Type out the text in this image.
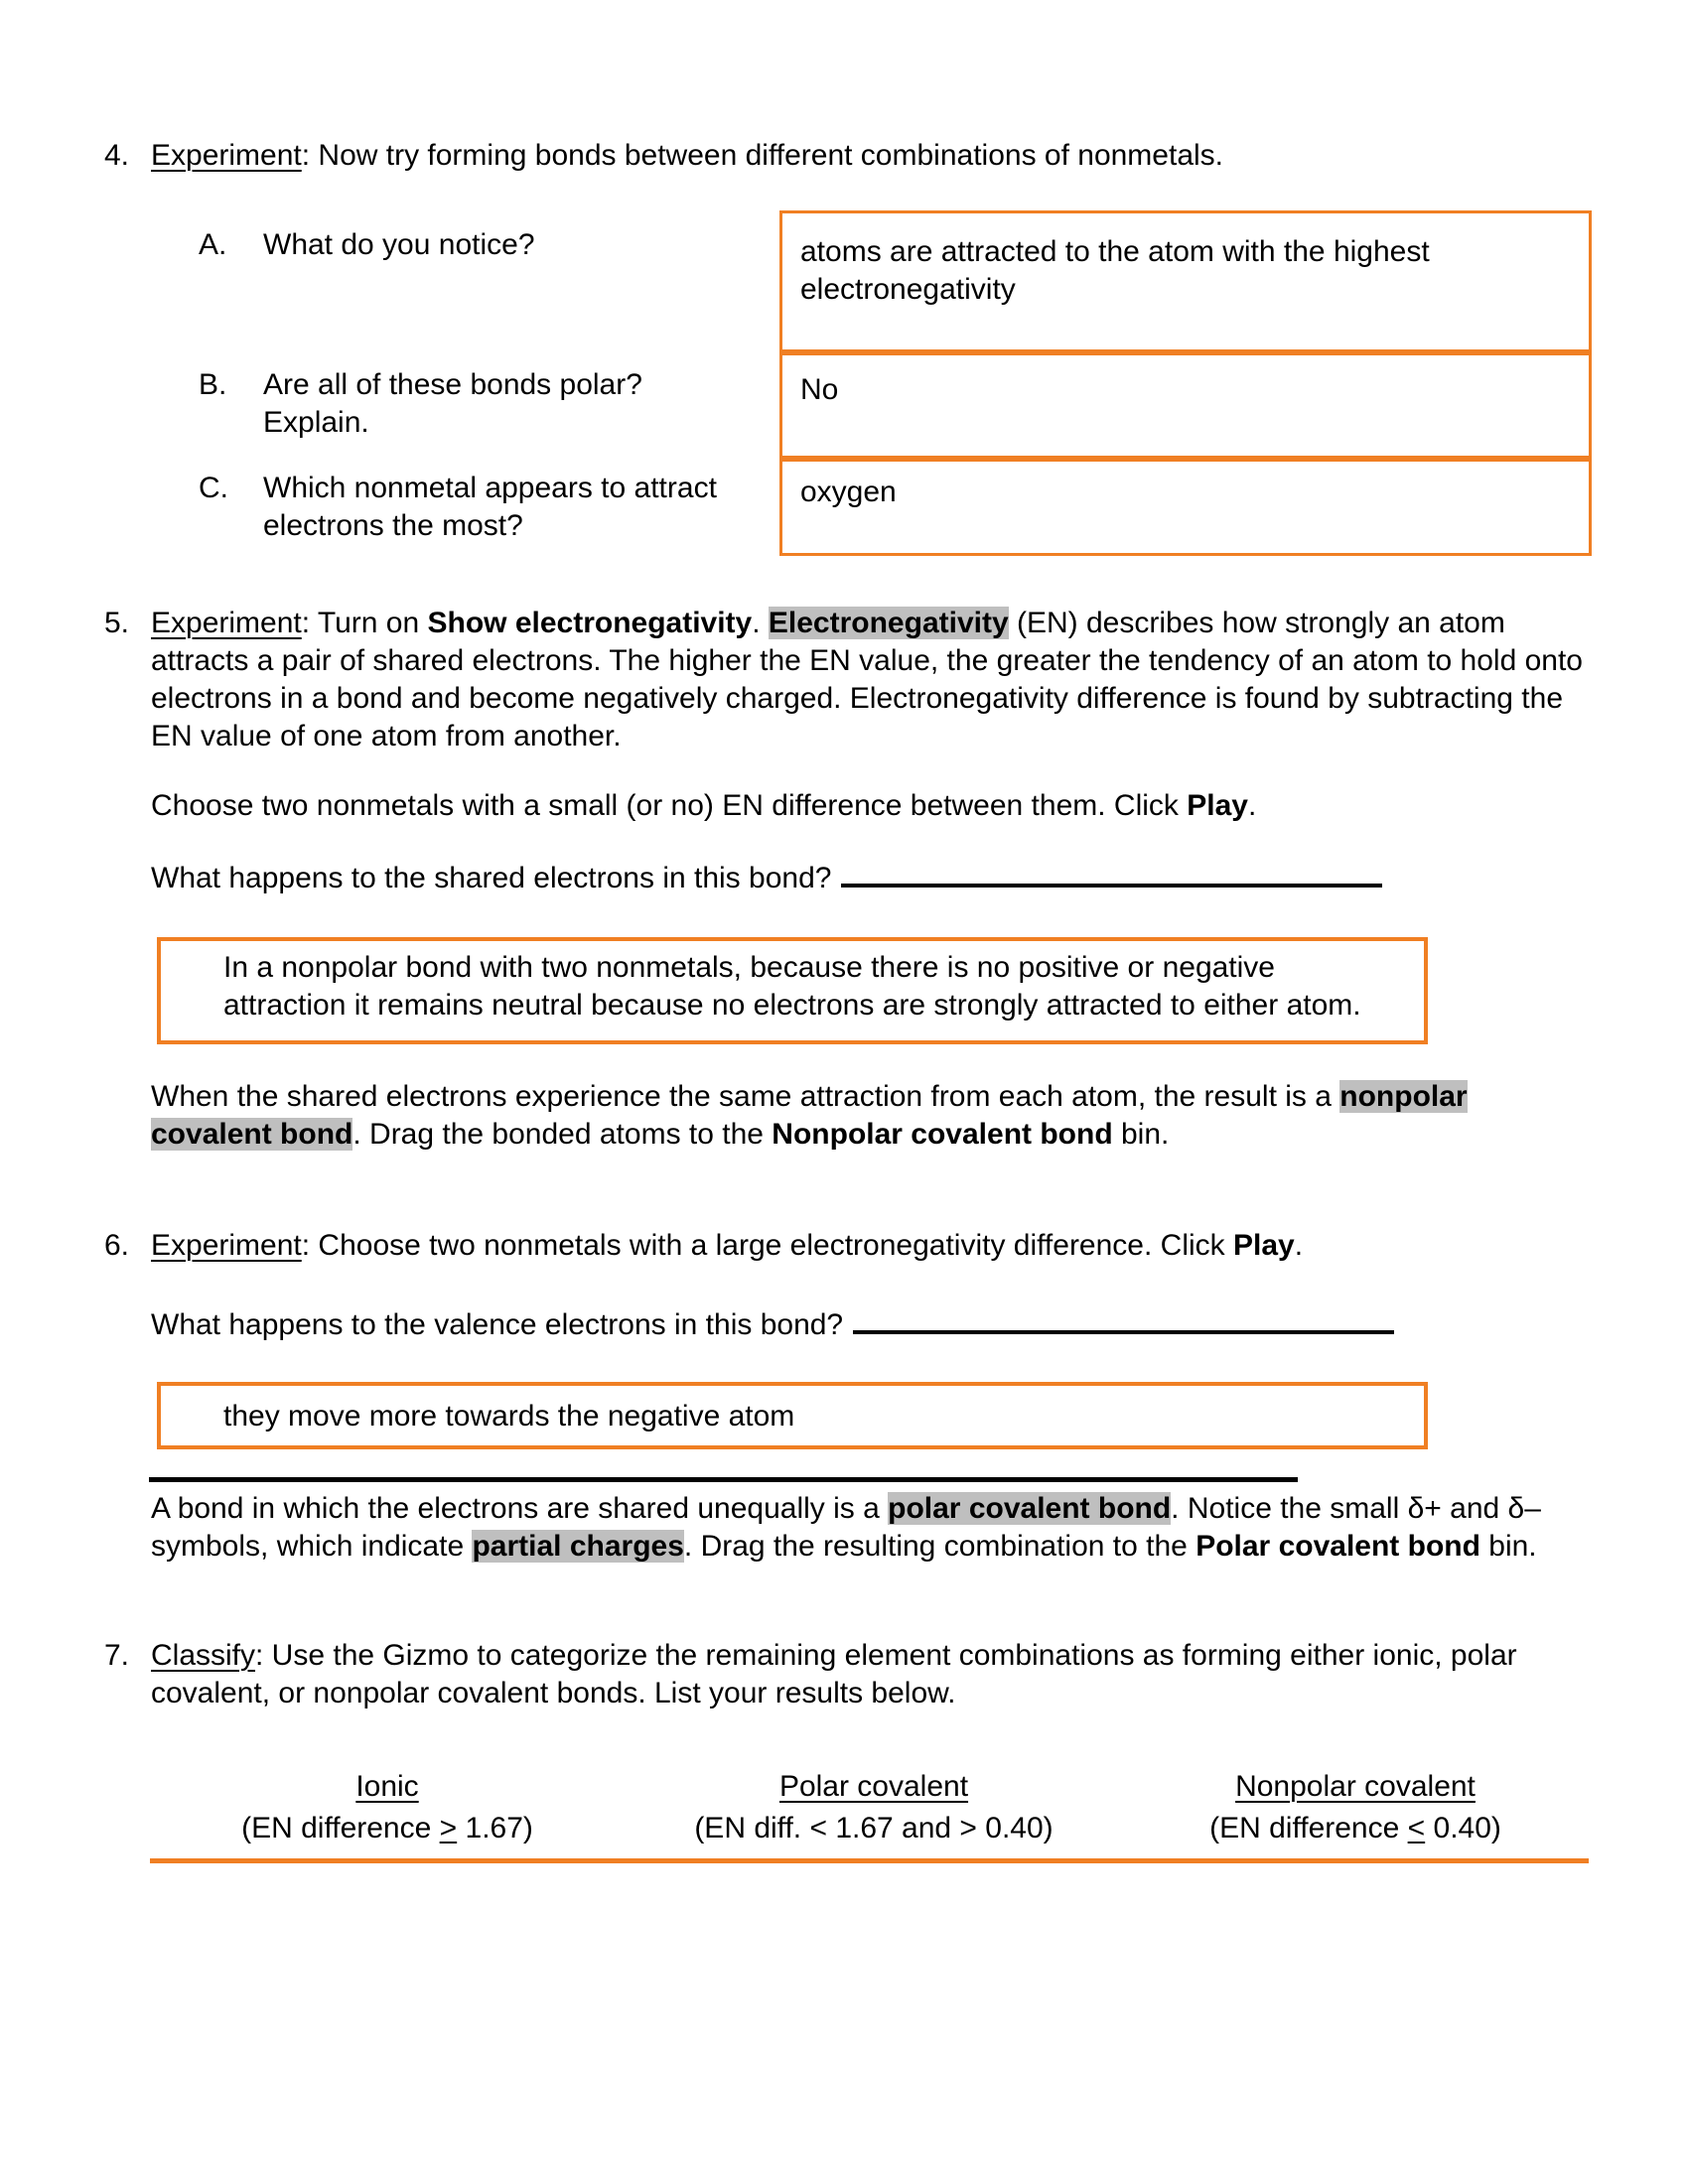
4. Experiment: Now try forming bonds between different combinations of nonmetals.
A. What do you notice?
B. Are all of these bonds polar? Explain.
C. Which nonmetal appears to attract electrons the most?
atoms are attracted to the atom with the highest electronegativity
No
oxygen
5. Experiment: Turn on Show electronegativity. Electronegativity (EN) describes how strongly an atom attracts a pair of shared electrons. The higher the EN value, the greater the tendency of an atom to hold onto electrons in a bond and become negatively charged. Electronegativity difference is found by subtracting the EN value of one atom from another.
Choose two nonmetals with a small (or no) EN difference between them. Click Play.
What happens to the shared electrons in this bond?
In a nonpolar bond with two nonmetals, because there is no positive or negative attraction it remains neutral because no electrons are strongly attracted to either atom.
When the shared electrons experience the same attraction from each atom, the result is a nonpolar covalent bond. Drag the bonded atoms to the Nonpolar covalent bond bin.
6. Experiment: Choose two nonmetals with a large electronegativity difference. Click Play.
What happens to the valence electrons in this bond?
they move more towards the negative atom
A bond in which the electrons are shared unequally is a polar covalent bond. Notice the small δ+ and δ– symbols, which indicate partial charges. Drag the resulting combination to the Polar covalent bond bin.
7. Classify: Use the Gizmo to categorize the remaining element combinations as forming either ionic, polar covalent, or nonpolar covalent bonds. List your results below.
Ionic
(EN difference > 1.67)
Polar covalent
(EN diff. < 1.67 and > 0.40)
Nonpolar covalent
(EN difference < 0.40)
